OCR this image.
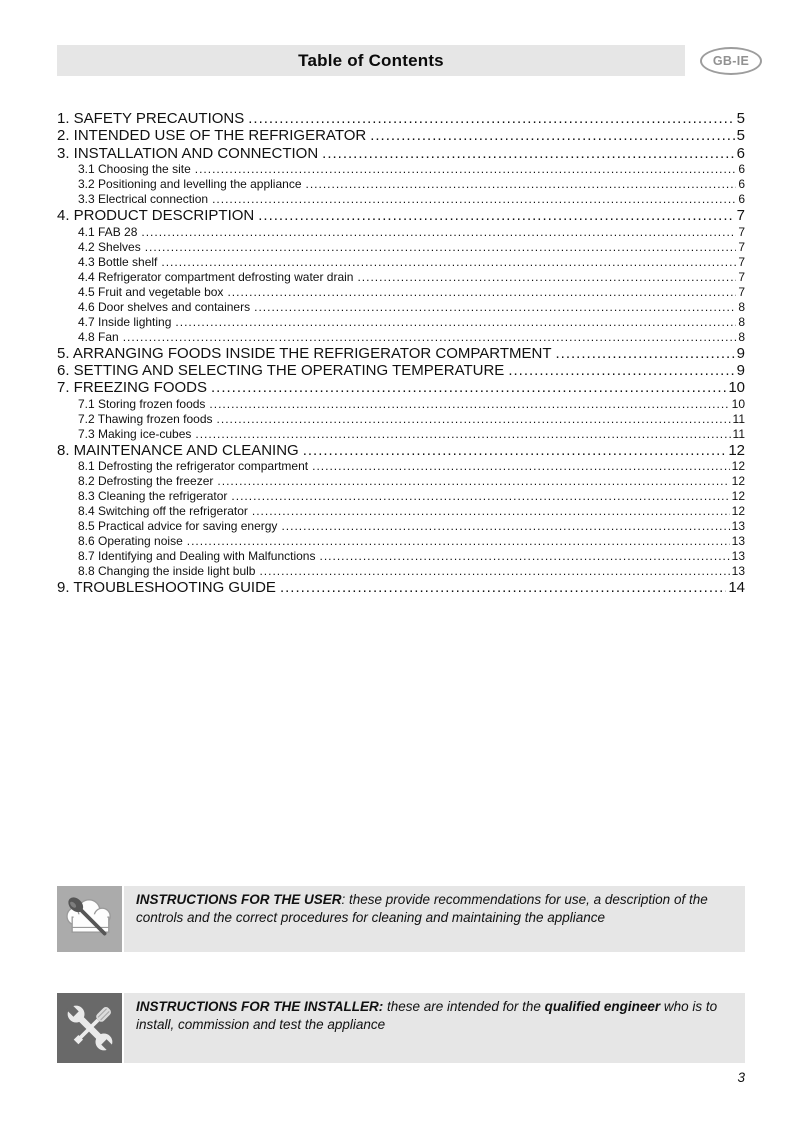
Table of Contents	GB-IE
1. SAFETY PRECAUTIONS .....	5
2. INTENDED USE OF THE REFRIGERATOR .....	5
3. INSTALLATION AND CONNECTION .....	6
3.1 Choosing the site .....	6
3.2 Positioning and levelling the appliance .....	6
3.3 Electrical connection .....	6
4. PRODUCT DESCRIPTION .....	7
4.1 FAB 28 .....	7
4.2 Shelves .....	7
4.3 Bottle shelf .....	7
4.4 Refrigerator compartment defrosting water drain .....	7
4.5 Fruit and vegetable box .....	7
4.6 Door shelves and containers .....	8
4.7 Inside lighting .....	8
4.8 Fan .....	8
5. ARRANGING FOODS INSIDE THE REFRIGERATOR COMPARTMENT .....	9
6. SETTING AND SELECTING THE OPERATING TEMPERATURE .....	9
7. FREEZING FOODS .....	10
7.1 Storing frozen foods .....	10
7.2 Thawing frozen foods .....	11
7.3 Making ice-cubes .....	11
8. MAINTENANCE AND CLEANING .....	12
8.1 Defrosting the refrigerator compartment .....	12
8.2 Defrosting the freezer .....	12
8.3 Cleaning the refrigerator .....	12
8.4 Switching off the refrigerator .....	12
8.5 Practical advice for saving energy .....	13
8.6 Operating noise .....	13
8.7 Identifying and Dealing with Malfunctions .....	13
8.8 Changing the inside light bulb .....	13
9. TROUBLESHOOTING GUIDE .....	14
INSTRUCTIONS FOR THE USER: these provide recommendations for use, a description of the controls and the correct procedures for cleaning and maintaining the appliance
INSTRUCTIONS FOR THE INSTALLER: these are intended for the qualified engineer who is to install, commission and test the appliance
3
